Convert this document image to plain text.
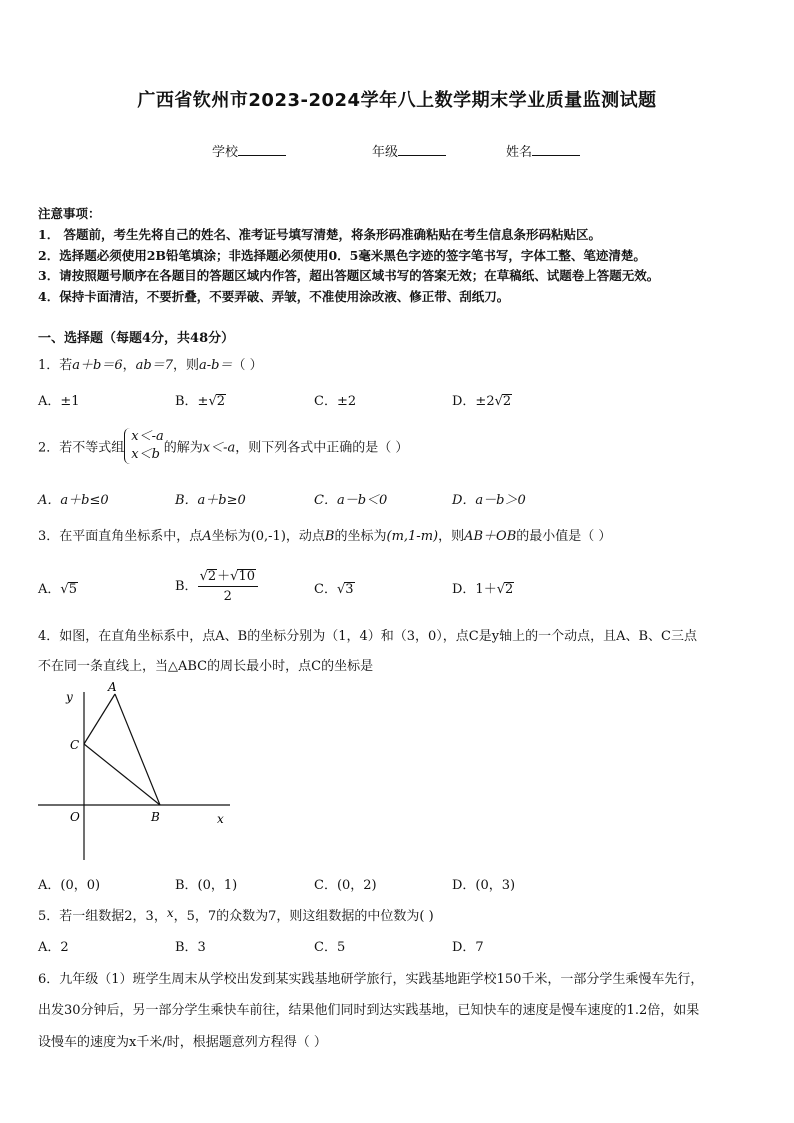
广西省钦州市2023-2024学年八上数学期末学业质量监测试题
学校	年级	姓名
注意事项：
1． 答题前，考生先将自己的姓名、准考证号填写清楚，将条形码准确粘贴在考生信息条形码粘贴区。
2．选择题必须使用2B铅笔填涂；非选择题必须使用0．5毫米黑色字迹的签字笔书写，字体工整、笔迹清楚。
3．请按照题号顺序在各题目的答题区域内作答，超出答题区域书写的答案无效；在草稿纸、试题卷上答题无效。
4．保持卡面清洁，不要折叠，不要弄破、弄皱，不准使用涂改液、修正带、刮纸刀。
一、选择题（每题4分，共48分）
1．若a＋b＝6，ab＝7，则a-b＝（ ）
A．±1	B．±√2	C．±2	D．±2√2
2．若不等式组
x＜-a
x＜b 的解为x＜-a，则下列各式中正确的是（ ）
A．a＋b≤0	B．a＋b≥0	C．a－b＜0	D．a－b＞0
3．在平面直角坐标系中，点A坐标为(0,-1)，动点B的坐标为(m,1-m)，则AB＋OB的最小值是（ ）
A．√5	B． $\frac{√2+√10}{2}$	C．√3	D．1＋√2
4．如图，在直角坐标系中，点A、B的坐标分别为（1，4）和（3，0），点C是y轴上的一个动点，且A、B、C三点
不在同一条直线上，当△ABC的周长最小时，点C的坐标是
y
A
C
O	B	x
A．(0，0)	B．(0，1)	C．(0，2)	D．(0，3)
5．若一组数据2，3，x，5，7的众数为7，则这组数据的中位数为( )
A．2	B．3	C．5	D．7
6．九年级（1）班学生周末从学校出发到某实践基地研学旅行，实践基地距学校150千米，一部分学生乘慢车先行，
出发30分钟后，另一部分学生乘快车前往，结果他们同时到达实践基地，已知快车的速度是慢车速度的1.2倍，如果
设慢车的速度为x千米/时，根据题意列方程得（ ）
